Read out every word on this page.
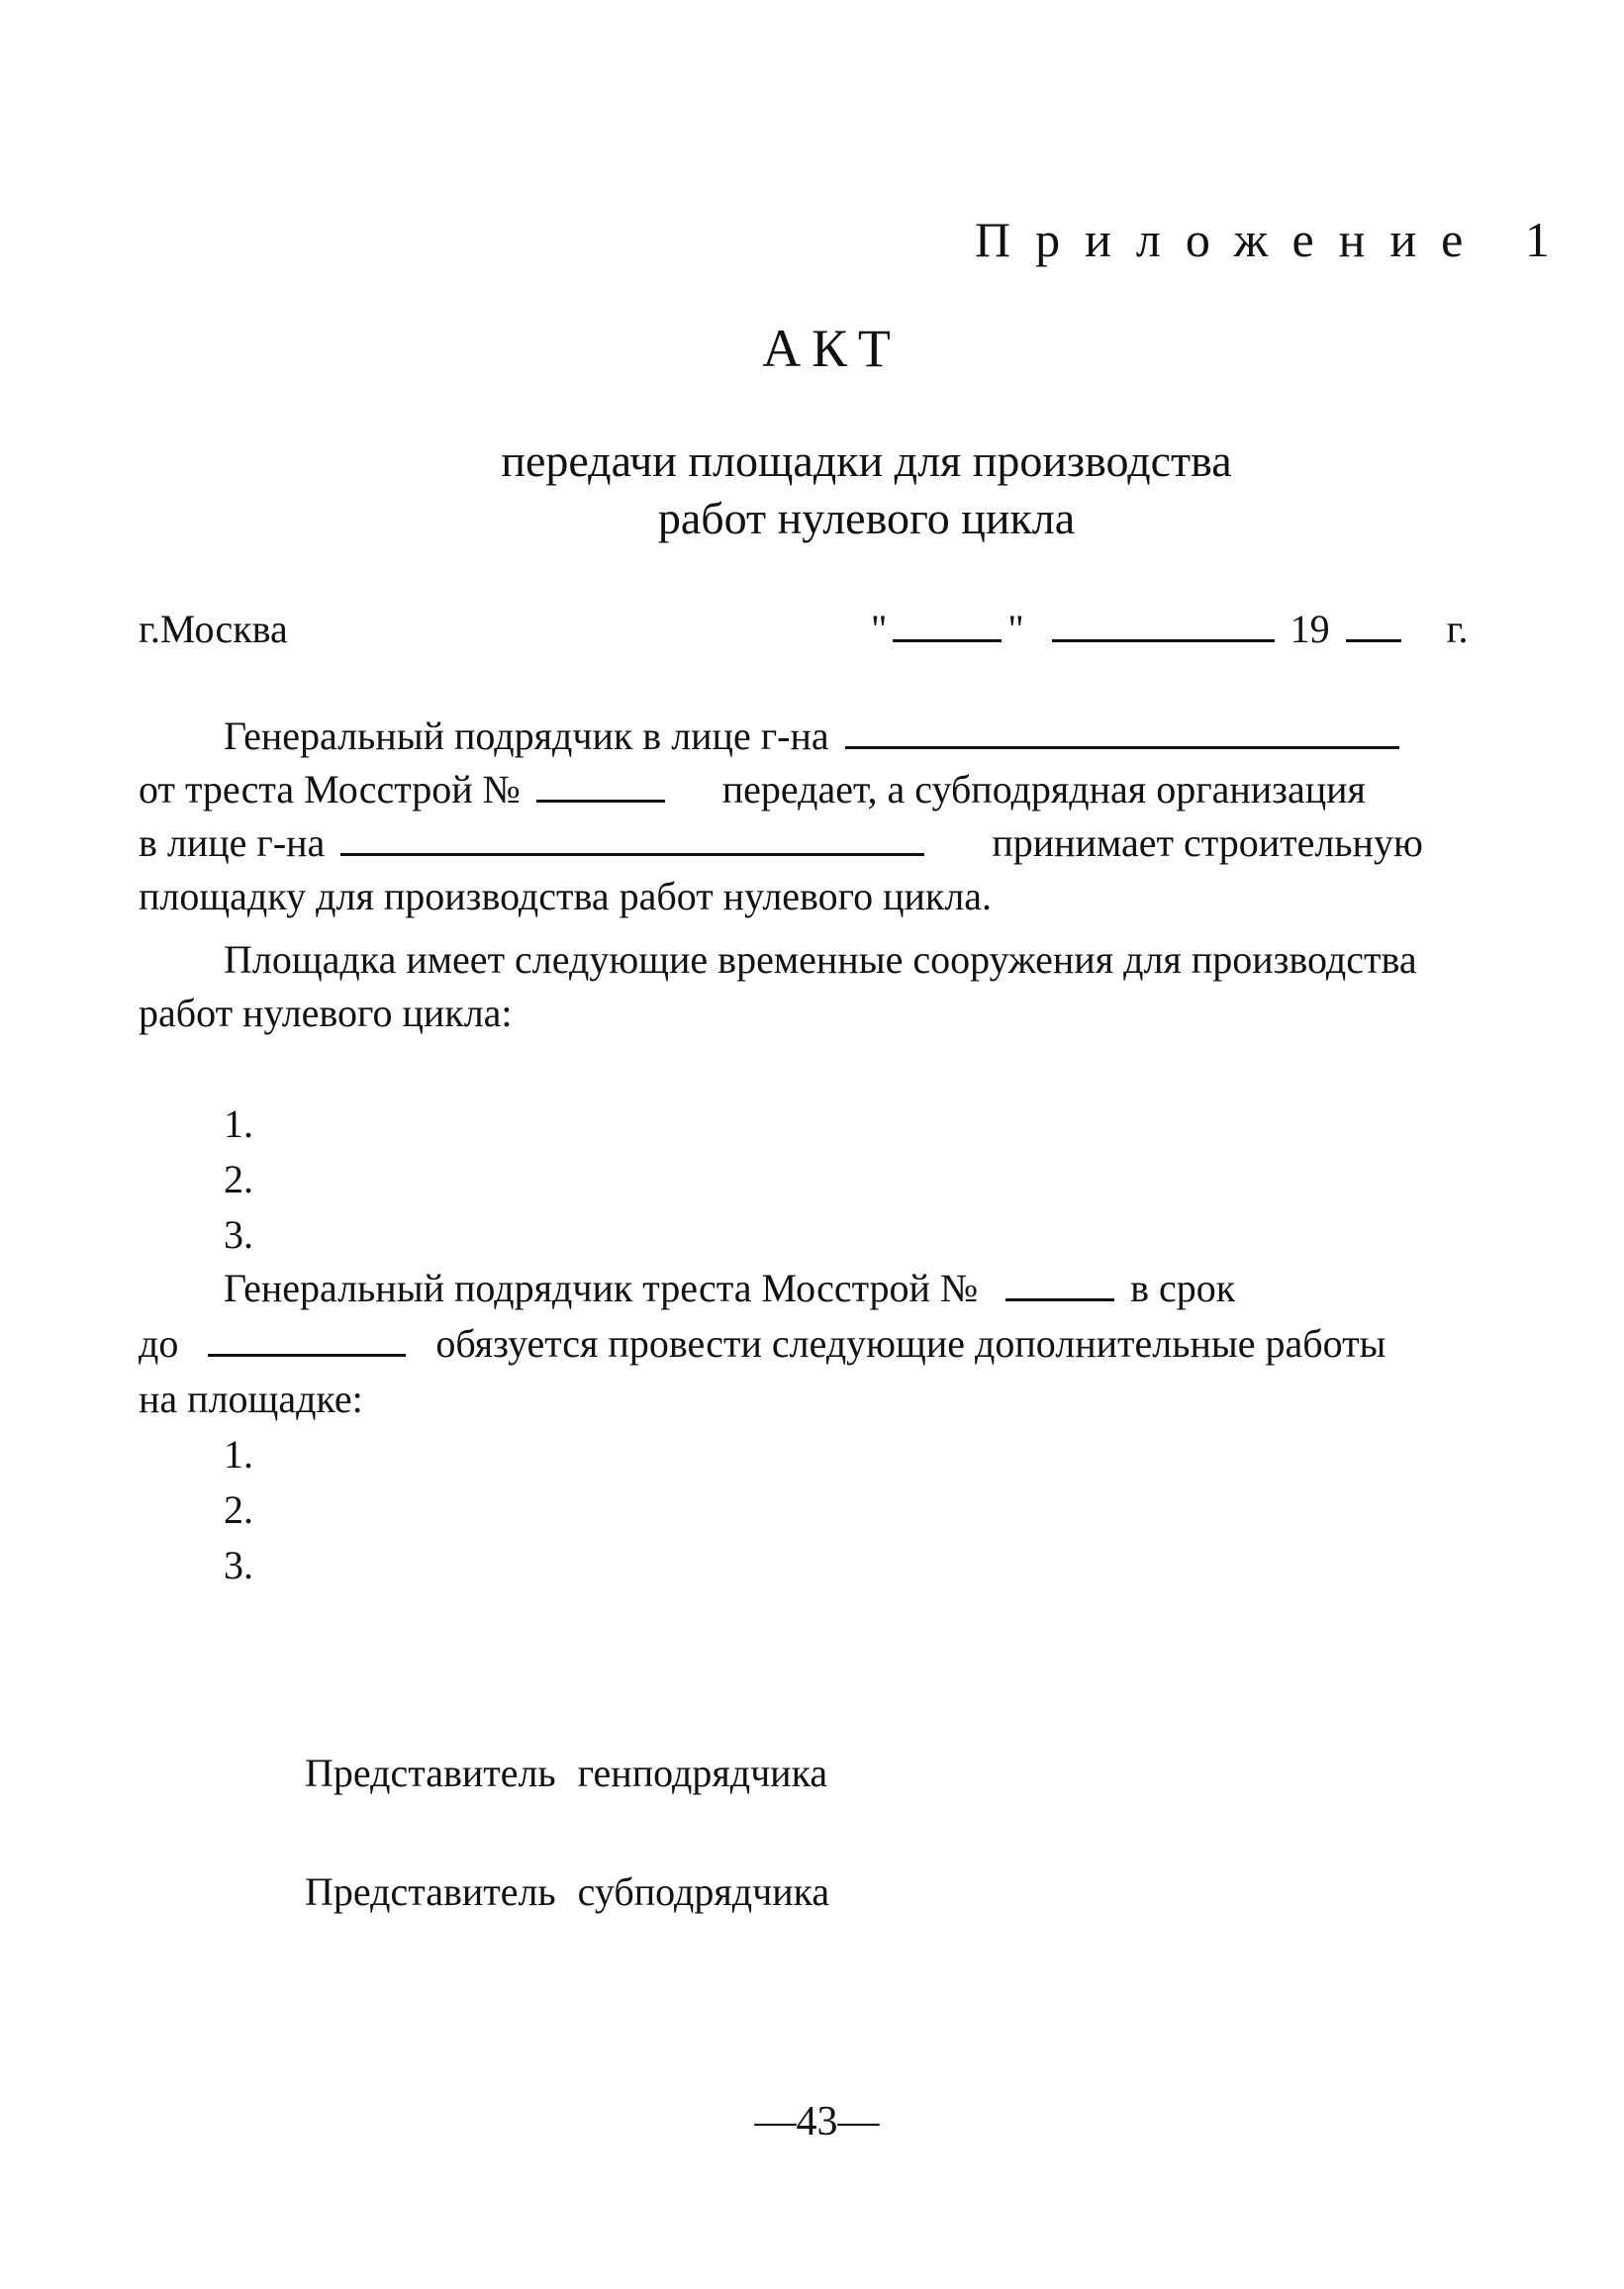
Приложение 1
АКТ
передачи площадки для производства
работ нулевого цикла
г.Москва	"	"	19	г.
Генеральный подрядчик в лице г-на
от треста Мосстрой №	передает, а субподрядная организация
в лице г-на	принимает строительную
площадку для производства работ нулевого цикла.
Площадка имеет следующие временные сооружения для производства
работ нулевого цикла:
1.
2.
3.
Генеральный подрядчик треста Мосстрой №	в срок
до	обязуется провести следующие дополнительные работы
на площадке:
1.
2.
3.
Представитель генподрядчика
Представитель субподрядчика
—43—
